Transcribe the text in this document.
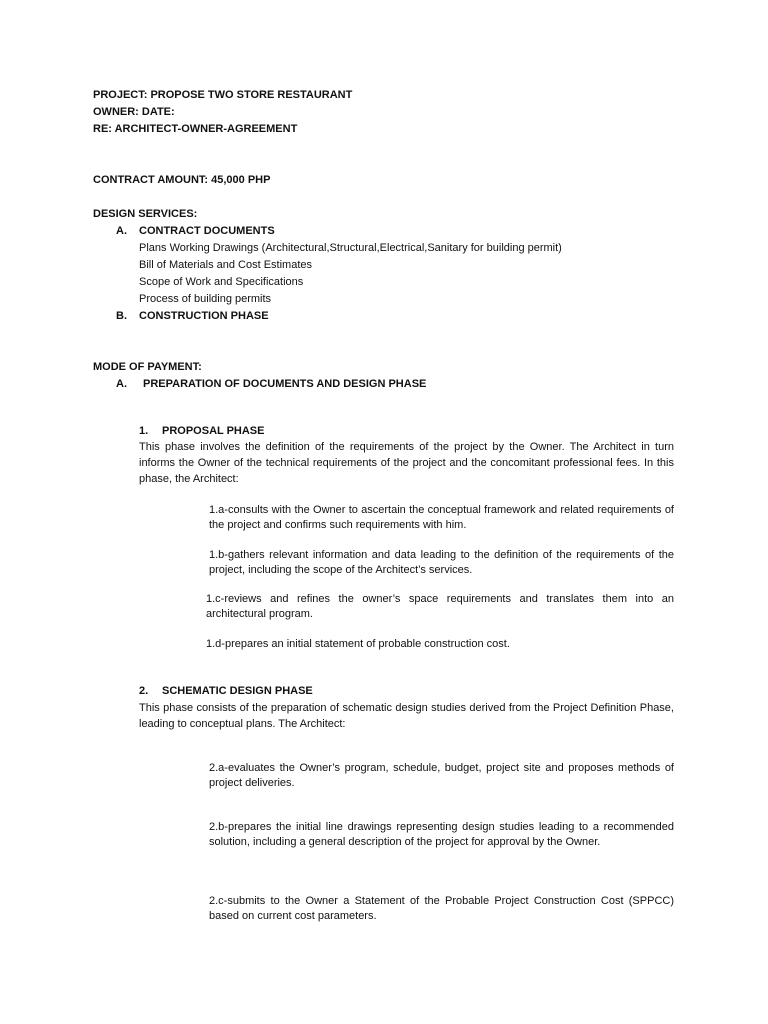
PROJECT: PROPOSE TWO STORE RESTAURANT

OWNER: DATE:

RE: ARCHITECT-OWNER-AGREEMENT

CONTRACT AMOUNT: 45,000 PHP

DESIGN SERVICES:

A. CONTRACT DOCUMENTS

Plans Working Drawings (Architectural,Structural,Electrical,Sanitary for building permit)

Bill of Materials and Cost Estimates

Scope of Work and Specifications

Process of building permits

B. CONSTRUCTION PHASE

MODE OF PAYMENT:

A. PREPARATION OF DOCUMENTS AND DESIGN PHASE

1. PROPOSAL PHASE

This phase involves the definition of the requirements of the project by the Owner. The Architect in turn informs the Owner of the technical requirements of the project and the concomitant professional fees. In this phase, the Architect:

1.a-consults with the Owner to ascertain the conceptual framework and related requirements of the project and confirms such requirements with him.

1.b-gathers relevant information and data leading to the definition of the requirements of the project, including the scope of the Architect’s services.

1.c-reviews and refines the owner’s space requirements and translates them into an architectural program.

1.d-prepares an initial statement of probable construction cost.

2. SCHEMATIC DESIGN PHASE

This phase consists of the preparation of schematic design studies derived from the Project Definition Phase, leading to conceptual plans. The Architect:

2.a-evaluates the Owner’s program, schedule, budget, project site and proposes methods of project deliveries.

2.b-prepares the initial line drawings representing design studies leading to a recommended solution, including a general description of the project for approval by the Owner.

2.c-submits to the Owner a Statement of the Probable Project Construction Cost (SPPCC) based on current cost parameters.
